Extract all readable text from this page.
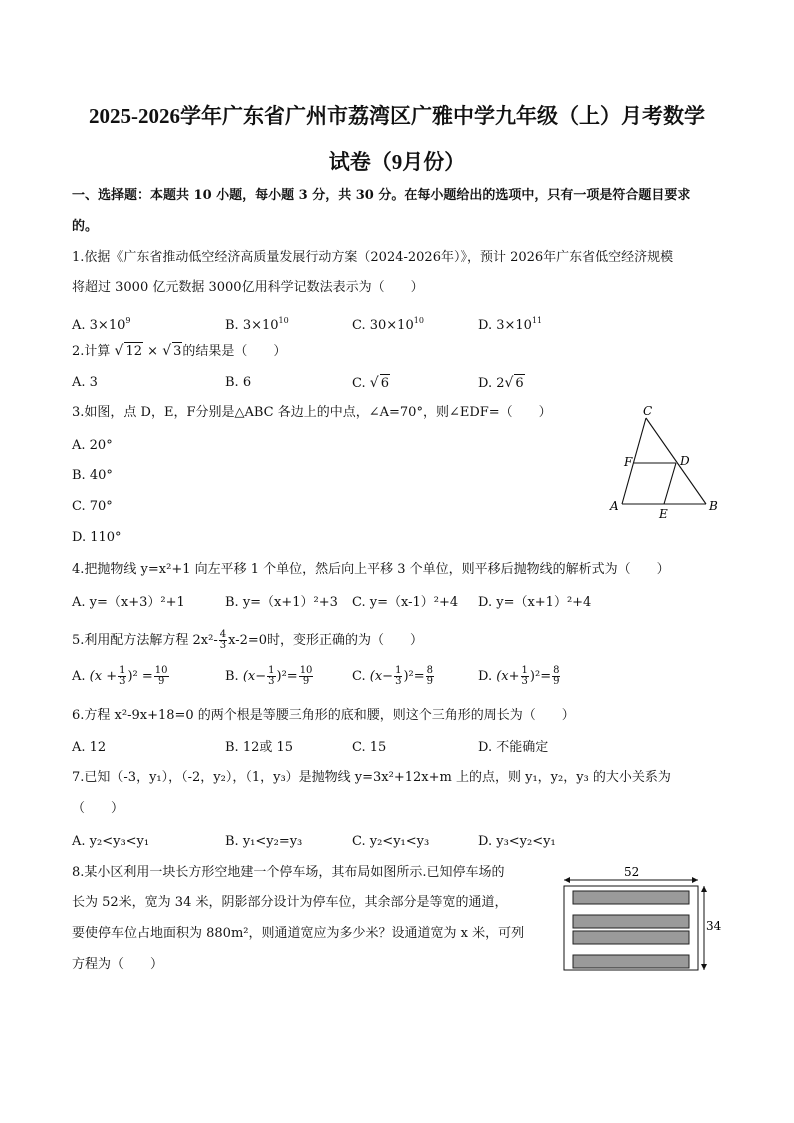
2025-2026学年广东省广州市荔湾区广雅中学九年级（上）月考数学
试卷（9月份）
一、选择题：本题共 10 小题，每小题 3 分，共 30 分。在每小题给出的选项中，只有一项是符合题目要求
的。
1.依据《广东省推动低空经济高质量发展行动方案（2024-2026年）》，预计 2026年广东省低空经济规模
将超过 3000 亿元数据 3000亿用科学记数法表示为（　　）
A. $3\times 10^9$	B. $3\times 10^{10}$	C. $30\times 10^{10}$	D. $3\times 10^{11}$
2.计算 √ 12 × √ 3的结果是（　　）
A. 3	B. 6	C. √ 6	D. 2√ 6
3.如图，点 D，E，F分别是△ABC 各边上的中点，∠A=70°，则∠EDF=（　　）
A. 20°
B. 40°
C. 70°
D. 110°
C
F	D
A	B
E
4.把抛物线 y=x²+1 向左平移 1 个单位，然后向上平移 3 个单位，则平移后抛物线的解析式为（　　）
A. y=（x+3）²+1	B. y=（x+1）²+3 C. y=（x-1）²+4 D. y=（x+1）²+4
5.利用配方法解方程 $2x^2- \frac{4}{3} x-2=0$时，变形正确的为（　　）
A. $(x + \frac{1}{3} )^2 = \frac{10}{9}$	B. $(x- \frac{1}{3} )^2= \frac{10}{9}$	C. $(x- \frac{1}{3} )^2= \frac{8}{9}$	D. $(x+ \frac{1}{3} )^2= \frac{8}{9}$
6.方程 x²-9x+18=0 的两个根是等腰三角形的底和腰，则这个三角形的周长为（　　）
A. 12	B. 12或 15	C. 15	D. 不能确定
7.已知（-3，y₁），（-2，y₂），（1，y₃）是抛物线 y=3x²+12x+m 上的点，则 y₁，y₂，y₃ 的大小关系为
（　　）
A. y₂<y₃<y₁	B. y₁<y₂=y₃	C. y₂<y₁<y₃	D. y₃<y₂<y₁
8.某小区利用一块长方形空地建一个停车场，其布局如图所示.已知停车场的
长为 52米，宽为 34 米，阴影部分设计为停车位，其余部分是等宽的通道，
要使停车位占地面积为 880m²，则通道宽应为多少米？设通道宽为 x 米，可列
方程为（　　）
52
34
